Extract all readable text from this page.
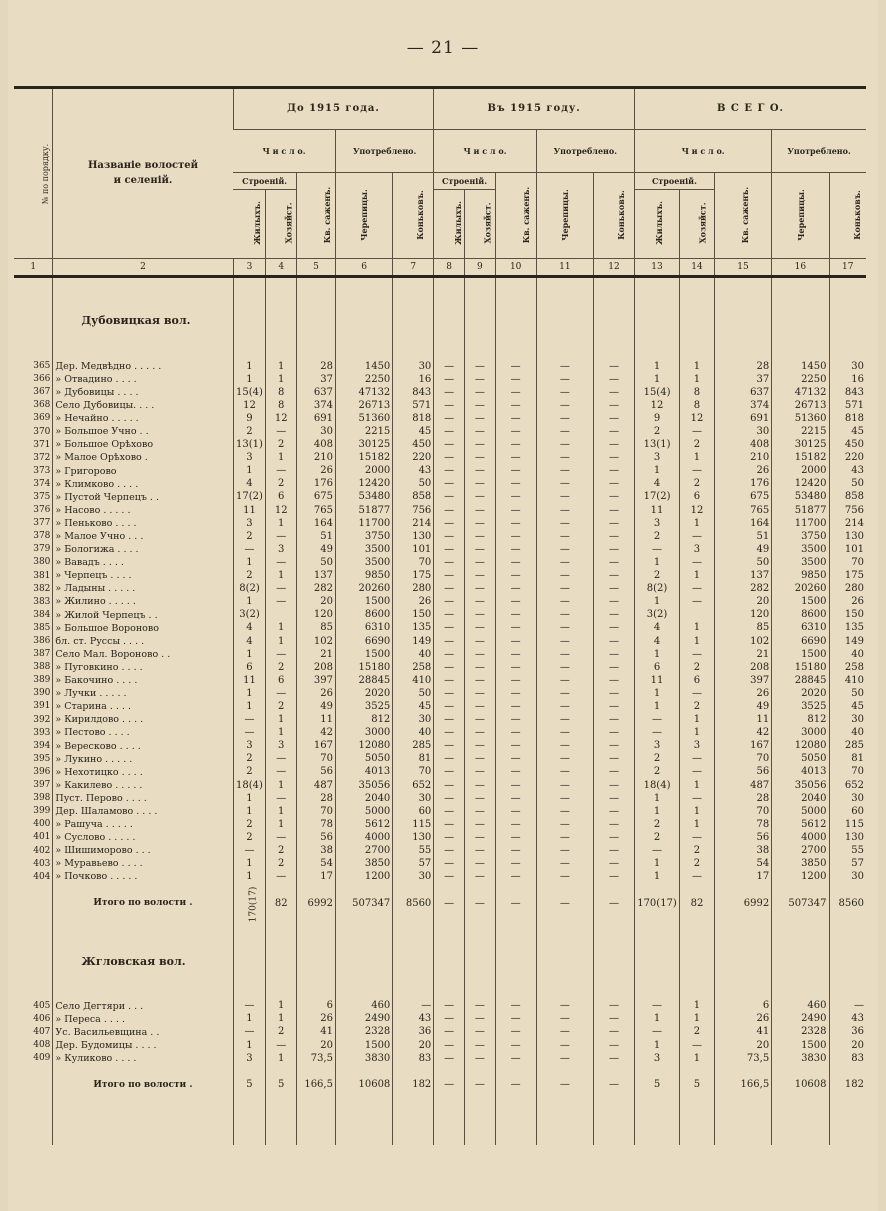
— 21 —
№ по порядку.	Названіе волостей
и селеній.	До 1915 года.					Въ 1915 году.					В С Е Г О.				
		Ч и с л о.			Употреблено.		Ч и с л о.			Употреблено.		Ч и с л о.			Употреблено.	
		Строеній.		Кв. саженъ.	Черепицы.	Коньковъ.	Строеній.		Кв. саженъ.	Черепицы.	Коньковъ.	Строеній.		Кв. саженъ.	Черепицы.	Коньковъ.
		Жилыхъ.	Хозяйст.				Жилыхъ.	Хозяйст.				Жилыхъ.	Хозяйст.			
1	2	3	4	5	6	7	8	9	10	11	12	13	14	15	16	17

	Дубовицкая вол.															

365	Дер. Медвѣдно . . . . .	1	1	28	1450	30	—	—	—	—	—	1	1	28	1450	30
366	» Отвадино . . . .	1	1	37	2250	16	—	—	—	—	—	1	1	37	2250	16
367	» Дубовицы . . . .	15(4)	8	637	47132	843	—	—	—	—	—	15(4)	8	637	47132	843
368	Село Дубовицы. . . .	12	8	374	26713	571	—	—	—	—	—	12	8	374	26713	571
369	» Нечайно . . . . .	9	12	691	51360	818	—	—	—	—	—	9	12	691	51360	818
370	» Большое Учно . .	2	—	30	2215	45	—	—	—	—	—	2	—	30	2215	45
371	» Большое Орѣхово	13(1)	2	408	30125	450	—	—	—	—	—	13(1)	2	408	30125	450
372	» Малое Орѣхово .	3	1	210	15182	220	—	—	—	—	—	3	1	210	15182	220
373	» Григорово	1	—	26	2000	43	—	—	—	—	—	1	—	26	2000	43
374	» Климково . . . .	4	2	176	12420	50	—	—	—	—	—	4	2	176	12420	50
375	» Пустой Черпецъ . .	17(2)	6	675	53480	858	—	—	—	—	—	17(2)	6	675	53480	858
376	» Насово . . . . .	11	12	765	51877	756	—	—	—	—	—	11	12	765	51877	756
377	» Пеньково . . . .	3	1	164	11700	214	—	—	—	—	—	3	1	164	11700	214
378	» Малое Учно . . .	2	—	51	3750	130	—	—	—	—	—	2	—	51	3750	130
379	» Бологижа . . . .	—	3	49	3500	101	—	—	—	—	—	—	3	49	3500	101
380	» Вавадъ . . . .	1	—	50	3500	70	—	—	—	—	—	1	—	50	3500	70
381	» Черпецъ . . . .	2	1	137	9850	175	—	—	—	—	—	2	1	137	9850	175
382	» Ладыны . . . . .	8(2)	—	282	20260	280	—	—	—	—	—	8(2)	—	282	20260	280
383	» Жилино . . . . .	1	—	20	1500	26	—	—	—	—	—	1	—	20	1500	26
384	» Жилой Черпецъ . .	3(2)		120	8600	150	—	—	—	—	—	3(2)		120	8600	150
385	» Большое Вороново	4	1	85	6310	135	—	—	—	—	—	4	1	85	6310	135
386	бл. ст. Руссы . . . .	4	1	102	6690	149	—	—	—	—	—	4	1	102	6690	149
387	Село Мал. Вороново . .	1	—	21	1500	40	—	—	—	—	—	1	—	21	1500	40
388	» Пуговкино . . . .	6	2	208	15180	258	—	—	—	—	—	6	2	208	15180	258
389	» Бакочино . . . .	11	6	397	28845	410	—	—	—	—	—	11	6	397	28845	410
390	» Лучки . . . . .	1	—	26	2020	50	—	—	—	—	—	1	—	26	2020	50
391	» Старина . . . .	1	2	49	3525	45	—	—	—	—	—	1	2	49	3525	45
392	» Кирилдово . . . .	—	1	11	812	30	—	—	—	—	—	—	1	11	812	30
393	» Пестово . . . .	—	1	42	3000	40	—	—	—	—	—	—	1	42	3000	40
394	» Вересково . . . .	3	3	167	12080	285	—	—	—	—	—	3	3	167	12080	285
395	» Лукино . . . . .	2	—	70	5050	81	—	—	—	—	—	2	—	70	5050	81
396	» Нехотицко . . . .	2	—	56	4013	70	—	—	—	—	—	2	—	56	4013	70
397	» Какилево . . . . .	18(4)	1	487	35056	652	—	—	—	—	—	18(4)	1	487	35056	652
398	Пуст. Перово . . . .	1	—	28	2040	30	—	—	—	—	—	1	—	28	2040	30
399	Дер. Шаламово . . . .	1	1	70	5000	60	—	—	—	—	—	1	1	70	5000	60
400	» Рашуча . . . . .	2	1	78	5612	115	—	—	—	—	—	2	1	78	5612	115
401	» Суслово . . . . .	2	—	56	4000	130	—	—	—	—	—	2	—	56	4000	130
402	» Шишиморово . . .	—	2	38	2700	55	—	—	—	—	—	—	2	38	2700	55
403	» Муравьево . . . .	1	2	54	3850	57	—	—	—	—	—	1	2	54	3850	57
404	» Почково . . . . .	1	—	17	1200	30	—	—	—	—	—	1	—	17	1200	30
	Итого по волости .	170(17)	82	6992	507347	8560	—	—	—	—	—	170(17)	82	6992	507347	8560

	Жгловская вол.															

405	Село Дегтяри . . .	—	1	6	460	—	—	—	—	—	—	—	1	6	460	—
406	» Переса . . . .	1	1	26	2490	43	—	—	—	—	—	1	1	26	2490	43
407	Ус. Васильевщина . .	—	2	41	2328	36	—	—	—	—	—	—	2	41	2328	36
408	Дер. Будомицы . . . .	1	—	20	1500	20	—	—	—	—	—	1	—	20	1500	20
409	» Куликово . . . .	3	1	73,5	3830	83	—	—	—	—	—	3	1	73,5	3830	83
	Итого по волости .	5	5	166,5	10608	182	—	—	—	—	—	5	5	166,5	10608	182
